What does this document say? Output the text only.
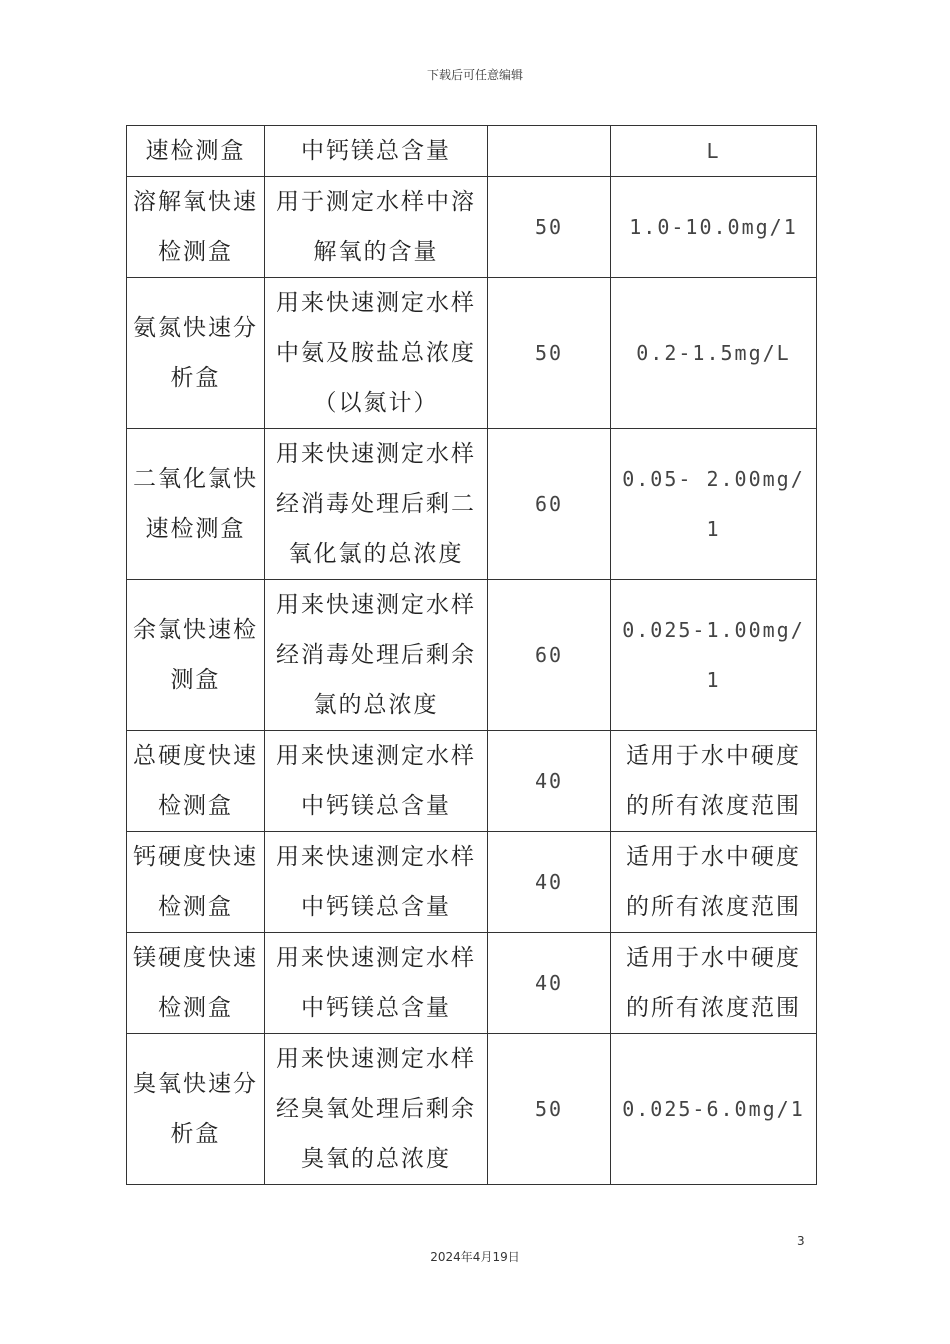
下载后可任意编辑
速检测盒	中钙镁总含量		L
溶解氧快速检测盒	用于测定水样中溶解氧的含量	50	1.0-10.0mg/1
氨氮快速分析盒	用来快速测定水样中氨及胺盐总浓度（以氮计）	50	0.2-1.5mg/L
二氧化氯快速检测盒	用来快速测定水样经消毒处理后剩二氧化氯的总浓度	60	0.05- 2.00mg/1
余氯快速检测盒	用来快速测定水样经消毒处理后剩余氯的总浓度	60	0.025-1.00mg/1
总硬度快速检测盒	用来快速测定水样中钙镁总含量	40	适用于水中硬度的所有浓度范围
钙硬度快速检测盒	用来快速测定水样中钙镁总含量	40	适用于水中硬度的所有浓度范围
镁硬度快速检测盒	用来快速测定水样中钙镁总含量	40	适用于水中硬度的所有浓度范围
臭氧快速分析盒	用来快速测定水样经臭氧处理后剩余臭氧的总浓度	50	0.025-6.0mg/1
3
2024年4月19日
